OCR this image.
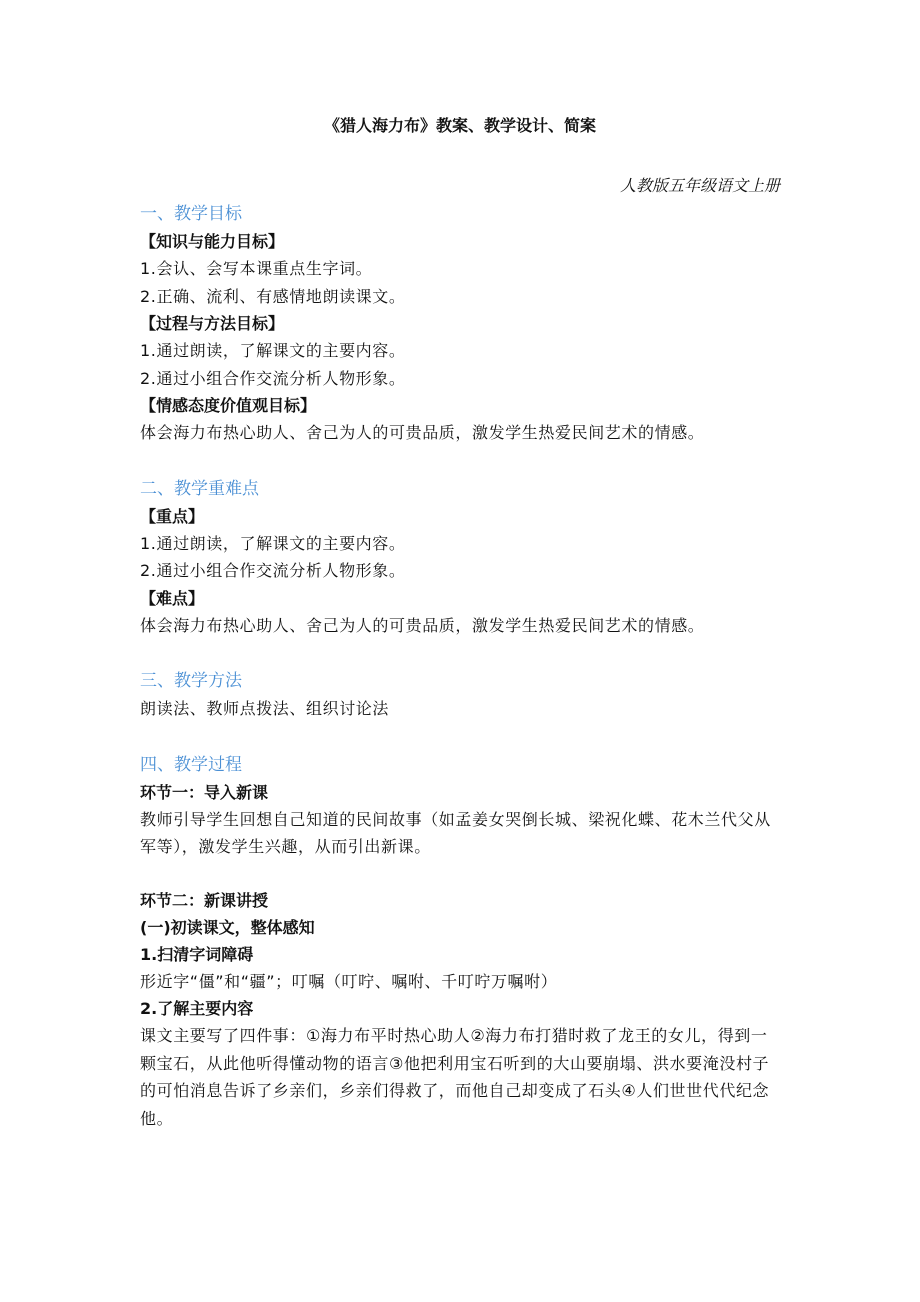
《猎人海力布》教案、教学设计、简案
人教版五年级语文上册
一、教学目标
【知识与能力目标】
1.会认、会写本课重点生字词。
2.正确、流利、有感情地朗读课文。
【过程与方法目标】
1.通过朗读，了解课文的主要内容。
2.通过小组合作交流分析人物形象。
【情感态度价值观目标】
体会海力布热心助人、舍己为人的可贵品质，激发学生热爱民间艺术的情感。
二、教学重难点
【重点】
1.通过朗读，了解课文的主要内容。
2.通过小组合作交流分析人物形象。
【难点】
体会海力布热心助人、舍己为人的可贵品质，激发学生热爱民间艺术的情感。
三、教学方法
朗读法、教师点拨法、组织讨论法
四、教学过程
环节一：导入新课
教师引导学生回想自己知道的民间故事（如孟姜女哭倒长城、梁祝化蝶、花木兰代父从军等），激发学生兴趣，从而引出新课。
环节二：新课讲授
(一)初读课文，整体感知
1.扫清字词障碍
形近字“僵”和“疆”；叮嘱（叮咛、嘱咐、千叮咛万嘱咐）
2.了解主要内容
课文主要写了四件事：①海力布平时热心助人②海力布打猎时救了龙王的女儿，得到一颗宝石，从此他听得懂动物的语言③他把利用宝石听到的大山要崩塌、洪水要淹没村子的可怕消息告诉了乡亲们，乡亲们得救了，而他自己却变成了石头④人们世世代代纪念他。
